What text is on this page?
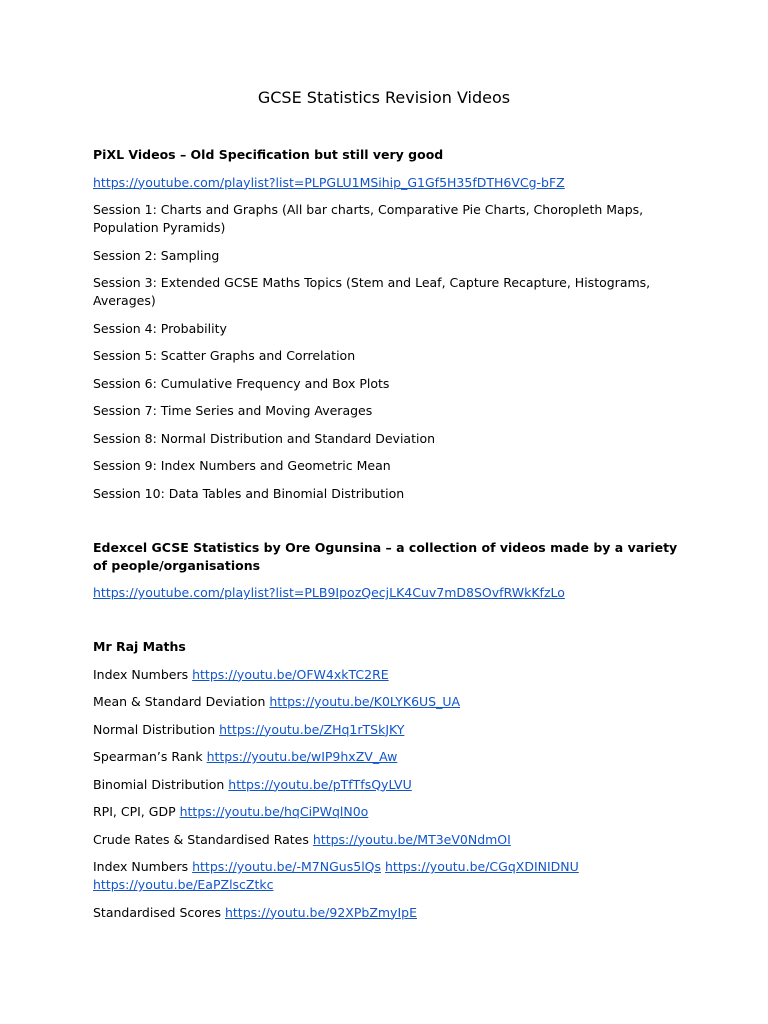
GCSE Statistics Revision Videos

PiXL Videos – Old Specification but still very good

https://youtube.com/playlist?list=PLPGLU1MSihip_G1Gf5H35fDTH6VCg-bFZ

Session 1: Charts and Graphs (All bar charts, Comparative Pie Charts, Choropleth Maps, Population Pyramids)

Session 2: Sampling

Session 3: Extended GCSE Maths Topics (Stem and Leaf, Capture Recapture, Histograms, Averages)

Session 4: Probability

Session 5: Scatter Graphs and Correlation

Session 6: Cumulative Frequency and Box Plots

Session 7: Time Series and Moving Averages

Session 8: Normal Distribution and Standard Deviation

Session 9: Index Numbers and Geometric Mean

Session 10: Data Tables and Binomial Distribution

Edexcel GCSE Statistics by Ore Ogunsina – a collection of videos made by a variety of people/organisations

https://youtube.com/playlist?list=PLB9IpozQecjLK4Cuv7mD8SOvfRWkKfzLo

Mr Raj Maths

Index Numbers https://youtu.be/OFW4xkTC2RE

Mean & Standard Deviation https://youtu.be/K0LYK6US_UA

Normal Distribution https://youtu.be/ZHq1rTSkJKY

Spearman’s Rank https://youtu.be/wIP9hxZV_Aw

Binomial Distribution https://youtu.be/pTfTfsQyLVU

RPI, CPI, GDP https://youtu.be/hqCiPWqlN0o

Crude Rates & Standardised Rates https://youtu.be/MT3eV0NdmOI

Index Numbers https://youtu.be/-M7NGus5lQs https://youtu.be/CGqXDINIDNU
https://youtu.be/EaPZlscZtkc

Standardised Scores https://youtu.be/92XPbZmyIpE
